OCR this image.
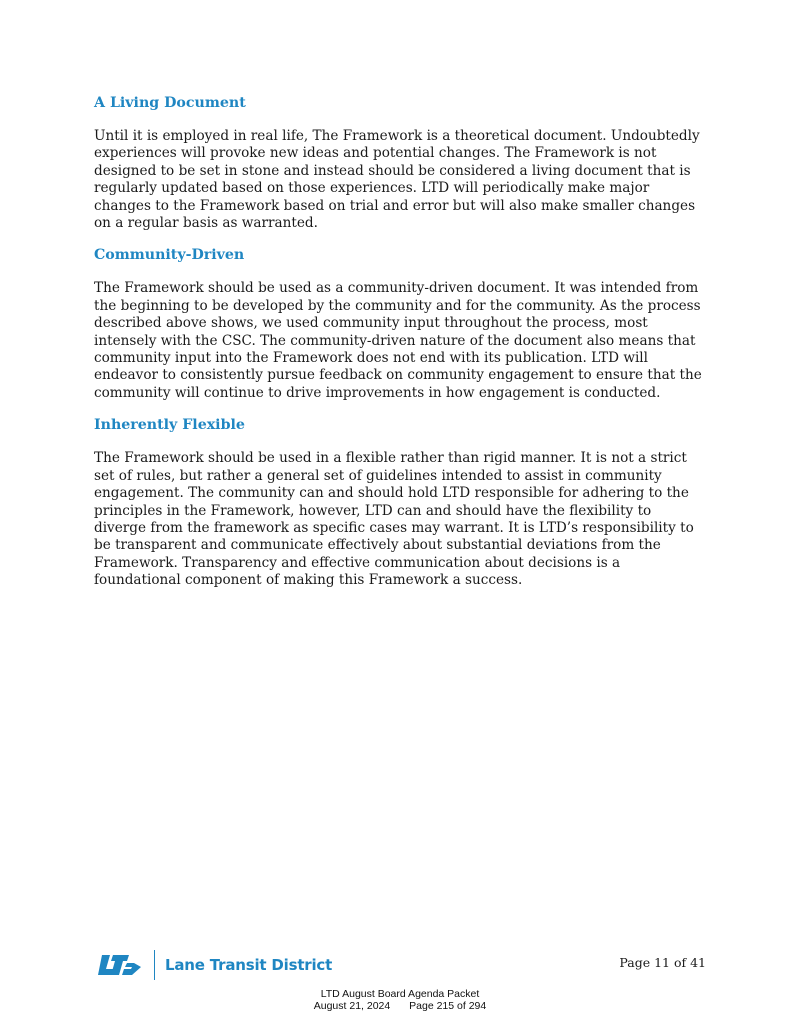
A Living Document

Until it is employed in real life, The Framework is a theoretical document. Undoubtedly
experiences will provoke new ideas and potential changes. The Framework is not
designed to be set in stone and instead should be considered a living document that is
regularly updated based on those experiences. LTD will periodically make major
changes to the Framework based on trial and error but will also make smaller changes
on a regular basis as warranted.

Community-Driven

The Framework should be used as a community-driven document. It was intended from
the beginning to be developed by the community and for the community. As the process
described above shows, we used community input throughout the process, most
intensely with the CSC. The community-driven nature of the document also means that
community input into the Framework does not end with its publication. LTD will
endeavor to consistently pursue feedback on community engagement to ensure that the
community will continue to drive improvements in how engagement is conducted.

Inherently Flexible

The Framework should be used in a flexible rather than rigid manner. It is not a strict
set of rules, but rather a general set of guidelines intended to assist in community
engagement. The community can and should hold LTD responsible for adhering to the
principles in the Framework, however, LTD can and should have the flexibility to
diverge from the framework as specific cases may warrant. It is LTD’s responsibility to
be transparent and communicate effectively about substantial deviations from the
Framework. Transparency and effective communication about decisions is a
foundational component of making this Framework a success.

Lane Transit District	Page 11 of 41
LTD August Board Agenda Packet
August 21, 2024 Page 215 of 294
